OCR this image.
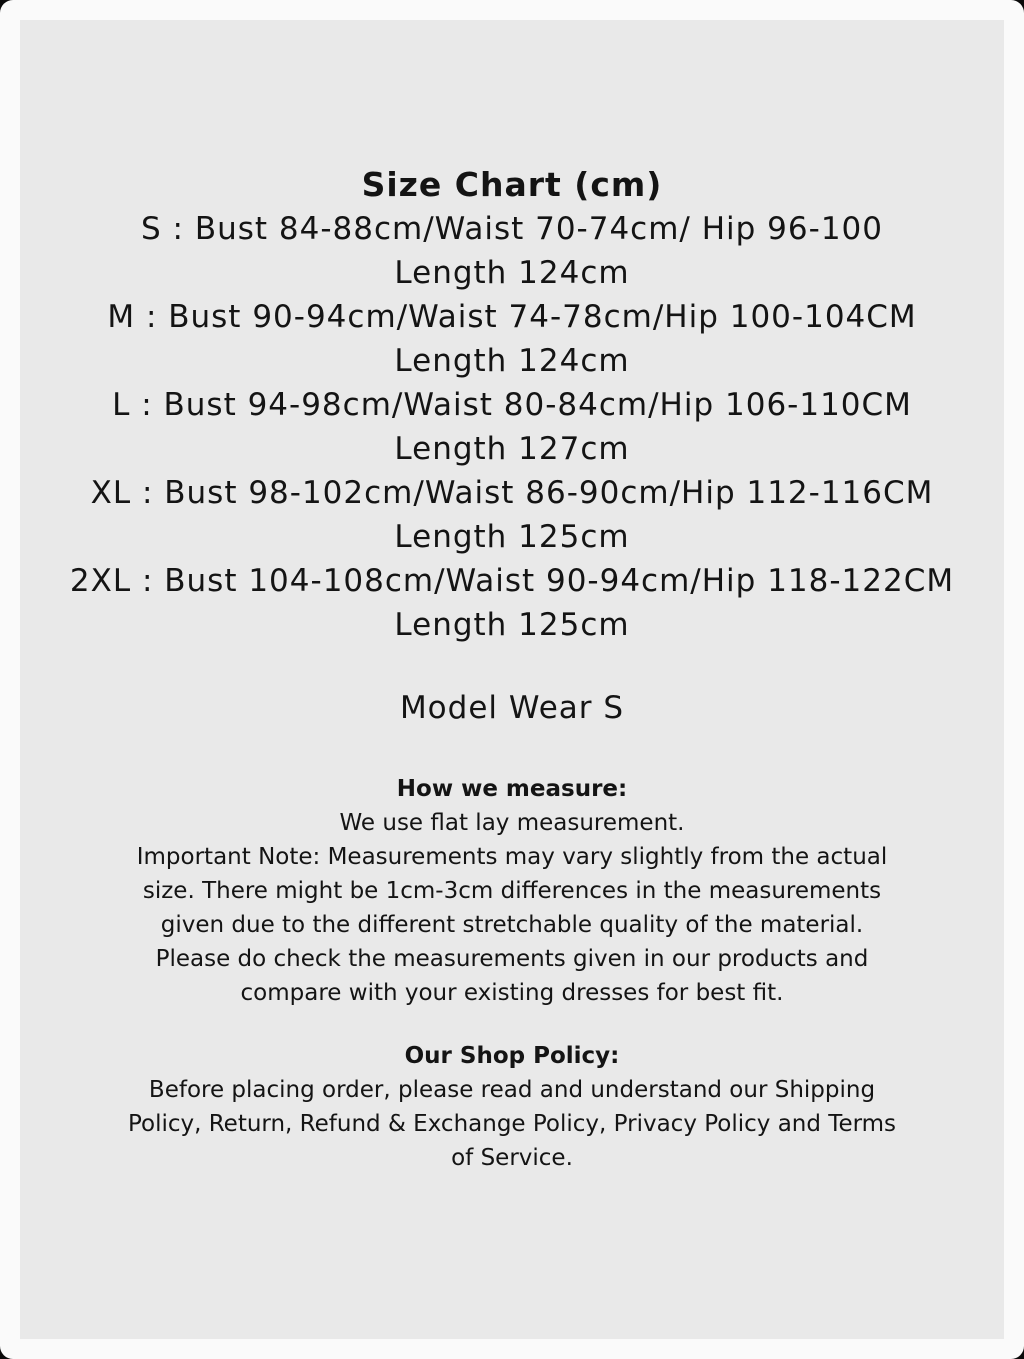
Size Chart (cm)
S : Bust 84-88cm/Waist 70-74cm/ Hip 96-100
Length 124cm
M : Bust 90-94cm/Waist 74-78cm/Hip 100-104CM
Length 124cm
L : Bust 94-98cm/Waist 80-84cm/Hip 106-110CM
Length 127cm
XL : Bust 98-102cm/Waist 86-90cm/Hip 112-116CM
Length 125cm
2XL : Bust 104-108cm/Waist 90-94cm/Hip 118-122CM
Length 125cm
Model Wear S
How we measure:
We use flat lay measurement.
Important Note: Measurements may vary slightly from the actual
size. There might be 1cm-3cm differences in the measurements
given due to the different stretchable quality of the material.
Please do check the measurements given in our products and
compare with your existing dresses for best fit.
Our Shop Policy:
Before placing order, please read and understand our Shipping
Policy, Return, Refund & Exchange Policy, Privacy Policy and Terms
of Service.
